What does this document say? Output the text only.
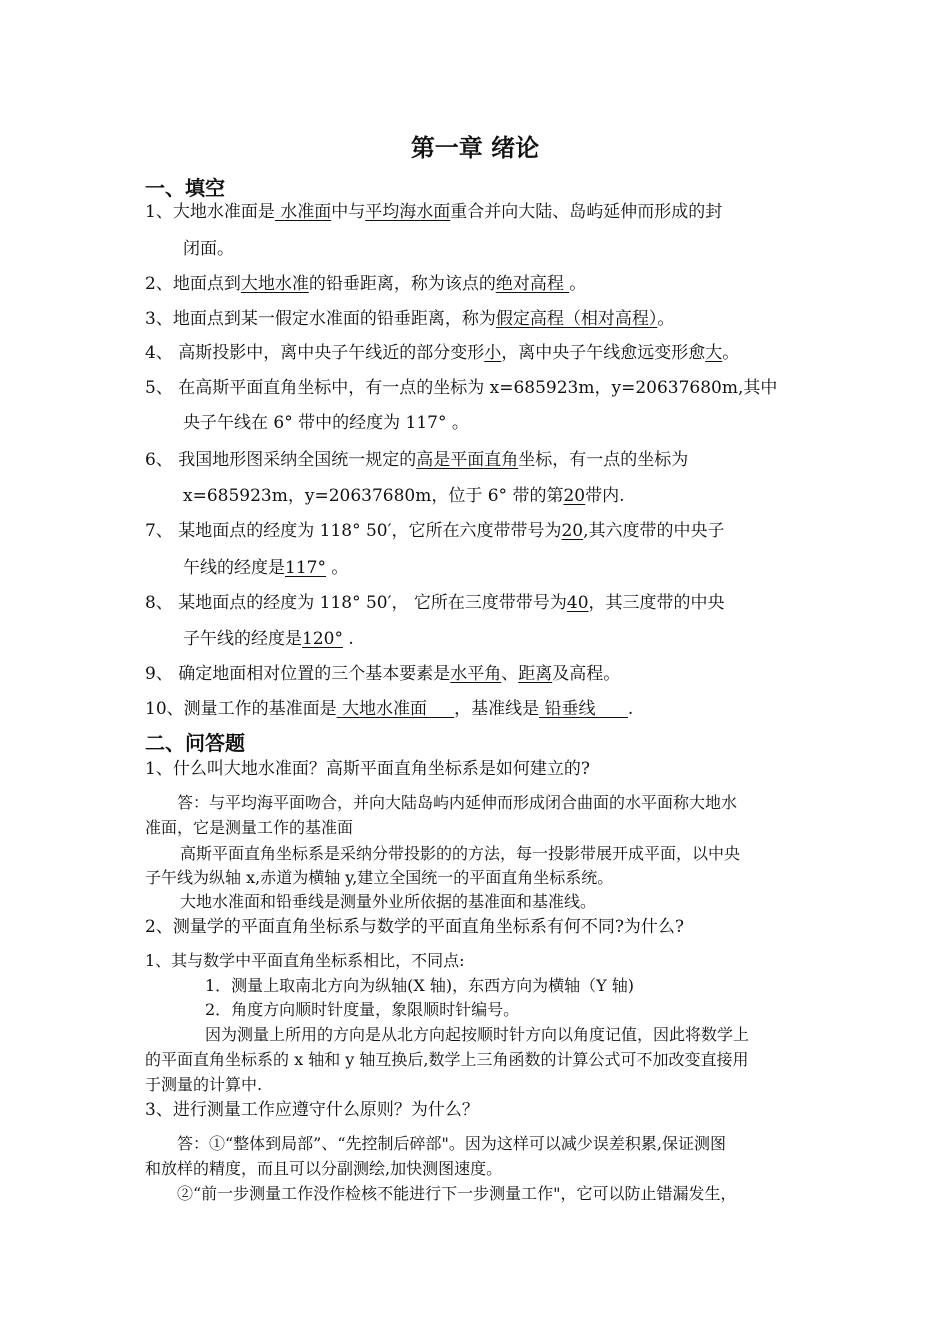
第一章 绪论
一、填空
1、大地水准面是 水准面中与平均海水面重合并向大陆、岛屿延伸而形成的封
闭面。
2、地面点到大地水准的铅垂距离，称为该点的绝对高程 。
3、地面点到某一假定水准面的铅垂距离，称为假定高程（相对高程）。
4、 高斯投影中，离中央子午线近的部分变形小，离中央子午线愈远变形愈大。
5、 在高斯平面直角坐标中，有一点的坐标为 x=685923m，y=20637680m,其中
央子午线在 6° 带中的经度为 117° 。
6、 我国地形图采纳全国统一规定的高是平面直角坐标，有一点的坐标为
x=685923m，y=20637680m，位于 6° 带的第20带内.
7、 某地面点的经度为 118° 50′，它所在六度带带号为20,其六度带的中央子
午线的经度是117° 。
8、 某地面点的经度为 118° 50′， 它所在三度带带号为40，其三度带的中央
子午线的经度是120° .
9、 确定地面相对位置的三个基本要素是水平角、距离及高程。
10、测量工作的基准面是 大地水准面     ，基准线是 铅垂线      .
二、问答题
1、什么叫大地水准面？高斯平面直角坐标系是如何建立的?
答：与平均海平面吻合，并向大陆岛屿内延伸而形成闭合曲面的水平面称大地水
准面，它是测量工作的基准面
高斯平面直角坐标系是采纳分带投影的的方法，每一投影带展开成平面，以中央
子午线为纵轴 x,赤道为横轴 y,建立全国统一的平面直角坐标系统。
大地水准面和铅垂线是测量外业所依据的基准面和基准线。
2、测量学的平面直角坐标系与数学的平面直角坐标系有何不同?为什么?
1、其与数学中平面直角坐标系相比，不同点:
1．测量上取南北方向为纵轴(X 轴)，东西方向为横轴（Y 轴)
2．角度方向顺时针度量，象限顺时针编号。
因为测量上所用的方向是从北方向起按顺时针方向以角度记值，因此将数学上
的平面直角坐标系的 x 轴和 y 轴互换后,数学上三角函数的计算公式可不加改变直接用
于测量的计算中.
3、进行测量工作应遵守什么原则？为什么？
答：①“整体到局部”、“先控制后碎部"。因为这样可以减少误差积累,保证测图
和放样的精度，而且可以分副测绘,加快测图速度。
②“前一步测量工作没作检核不能进行下一步测量工作"，它可以防止错漏发生，
